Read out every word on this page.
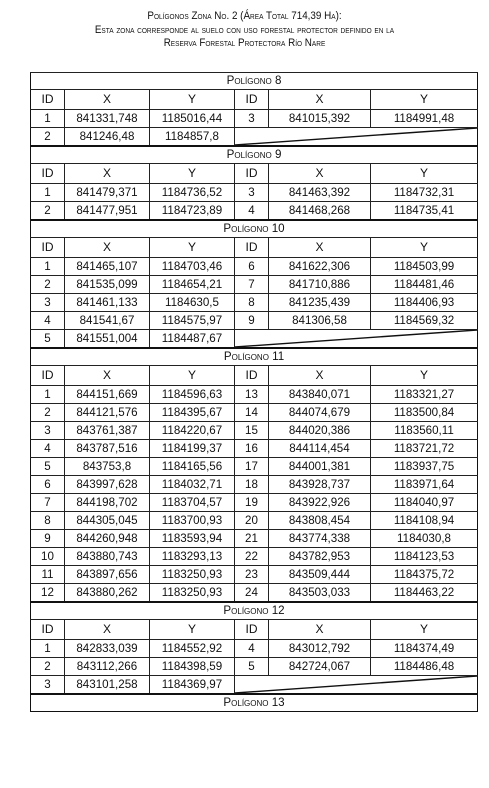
Polígonos Zona No. 2 (Área Total 714,39 Ha):
Esta zona corresponde al suelo con uso forestal protector definido en la
Reserva Forestal Protectora Río Nare
Polígono 8					
ID	X	Y	ID	X	Y
1	841331,748	1185016,44	3	841015,392	1184991,48
2	841246,48	1184857,8	

Polígono 9					
ID	X	Y	ID	X	Y
1	841479,371	1184736,52	3	841463,392	1184732,31
2	841477,951	1184723,89	4	841468,268	1184735,41
Polígono 10					
ID	X	Y	ID	X	Y
1	841465,107	1184703,46	6	841622,306	1184503,99
2	841535,099	1184654,21	7	841710,886	1184481,46
3	841461,133	1184630,5	8	841235,439	1184406,93
4	841541,67	1184575,97	9	841306,58	1184569,32
5	841551,004	1184487,67	

Polígono 11					
ID	X	Y	ID	X	Y
1	844151,669	1184596,63	13	843840,071	1183321,27
2	844121,576	1184395,67	14	844074,679	1183500,84
3	843761,387	1184220,67	15	844020,386	1183560,11
4	843787,516	1184199,37	16	844114,454	1183721,72
5	843753,8	1184165,56	17	844001,381	1183937,75
6	843997,628	1184032,71	18	843928,737	1183971,64
7	844198,702	1183704,57	19	843922,926	1184040,97
8	844305,045	1183700,93	20	843808,454	1184108,94
9	844260,948	1183593,94	21	843774,338	1184030,8
10	843880,743	1183293,13	22	843782,953	1184123,53
11	843897,656	1183250,93	23	843509,444	1184375,72
12	843880,262	1183250,93	24	843503,033	1184463,22
Polígono 12					
ID	X	Y	ID	X	Y
1	842833,039	1184552,92	4	843012,792	1184374,49
2	843112,266	1184398,59	5	842724,067	1184486,48
3	843101,258	1184369,97	

Polígono 13					
